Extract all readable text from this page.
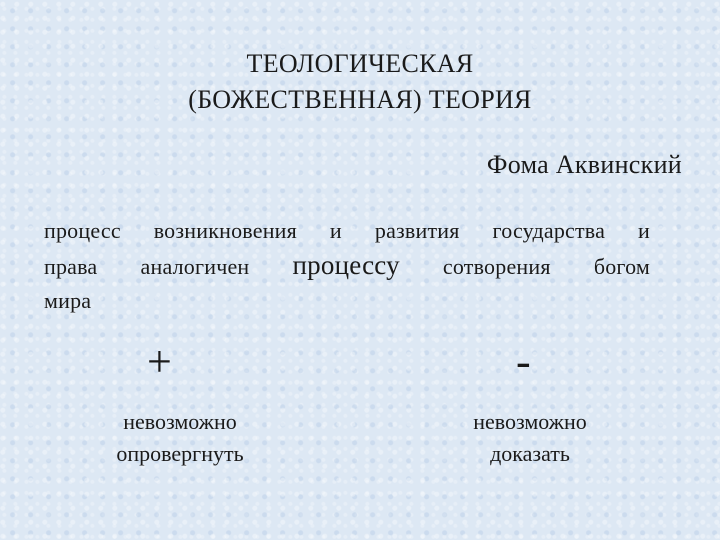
ТЕОЛОГИЧЕСКАЯ
(БОЖЕСТВЕННАЯ) ТЕОРИЯ
Фома Аквинский
процесс возникновения и развития государства и
права аналогичен процессу сотворения богом
мира
+	-
невозможно
опровергнуть
невозможно
доказать
